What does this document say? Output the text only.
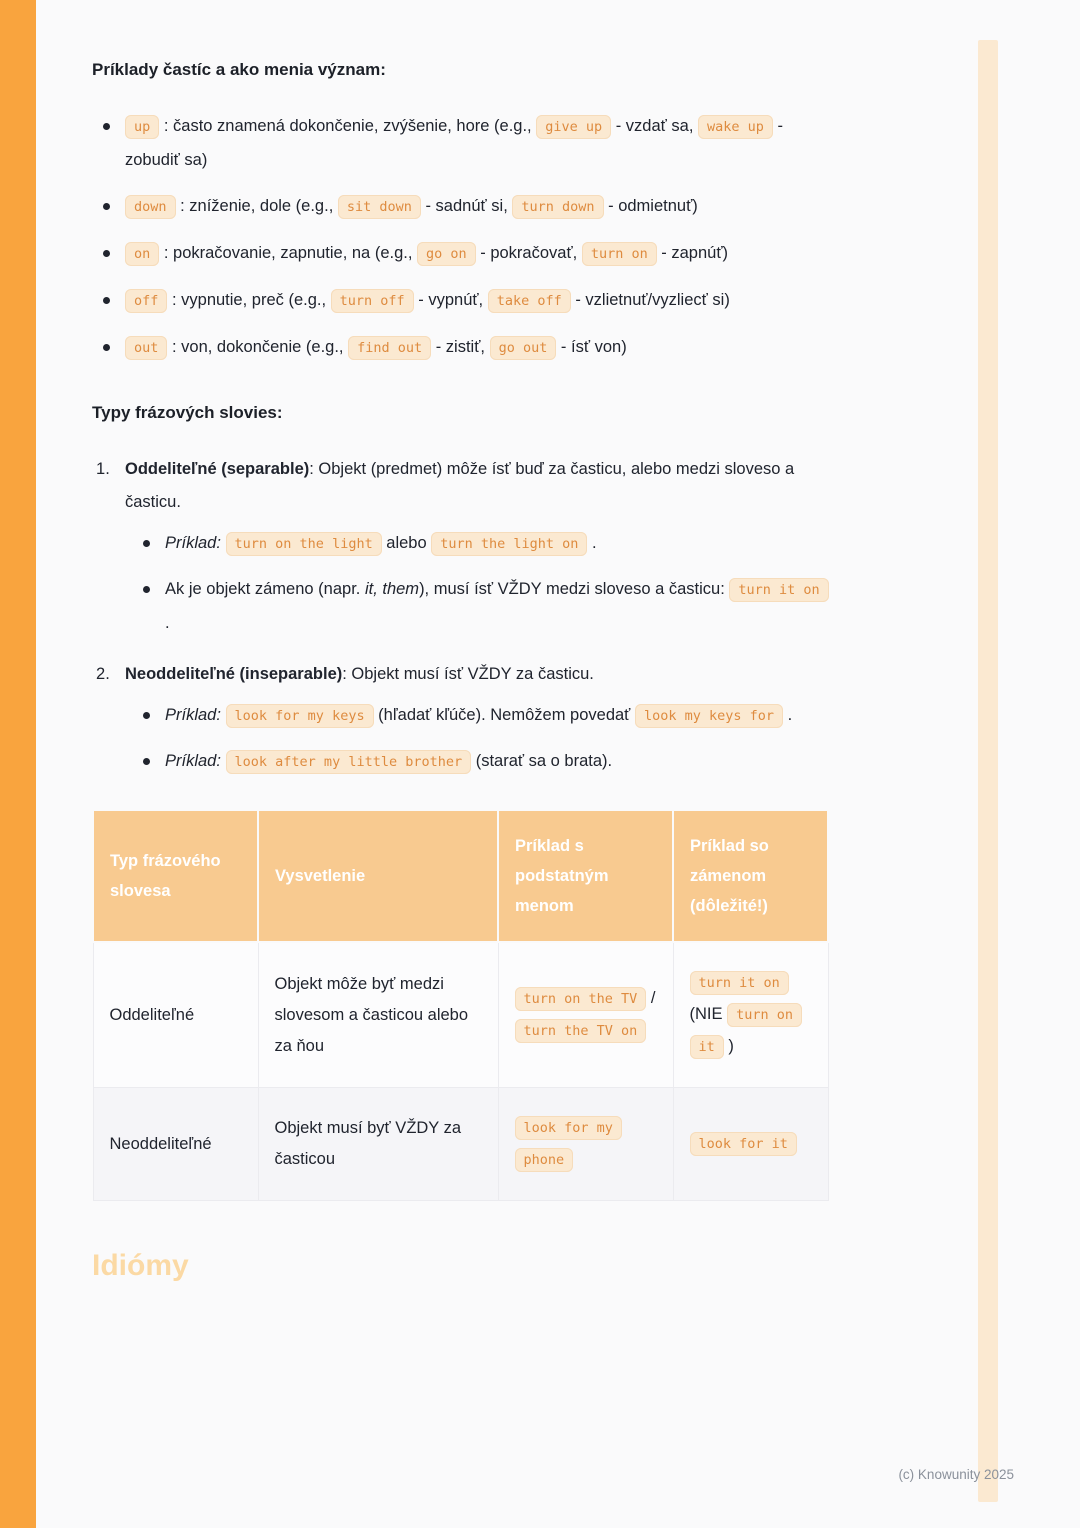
Príklady častíc a ako menia význam:
up : často znamená dokončenie, zvýšenie, hore (e.g., give up - vzdať sa, wake up - zobudiť sa)
down : zníženie, dole (e.g., sit down - sadnúť si, turn down - odmietnuť)
on : pokračovanie, zapnutie, na (e.g., go on - pokračovať, turn on - zapnúť)
off : vypnutie, preč (e.g., turn off - vypnúť, take off - vzlietnuť/vyzliecť si)
out : von, dokončenie (e.g., find out - zistiť, go out - ísť von)
Typy frázových slovies:
Oddeliteľné (separable): Objekt (predmet) môže ísť buď za časticu, alebo medzi sloveso a časticu.
Príklad: turn on the light alebo turn the light on .
Ak je objekt zámeno (napr. it, them), musí ísť VŽDY medzi sloveso a časticu: turn it on .
Neoddeliteľné (inseparable): Objekt musí ísť VŽDY za časticu.
Príklad: look for my keys (hľadať kľúče). Nemôžem povedať look my keys for .
Príklad: look after my little brother (starať sa o brata).
Typ frázového slovesa	Vysvetlenie	Príklad s podstatným menom	Príklad so zámenom (dôležité!)
Oddeliteľné	Objekt môže byť medzi slovesom a časticou alebo za ňou	turn on the TV / turn the TV on	turn it on (NIE turn on it )
Neoddeliteľné	Objekt musí byť VŽDY za časticou	look for my phone	look for it
Idiómy
(c) Knowunity 2025
